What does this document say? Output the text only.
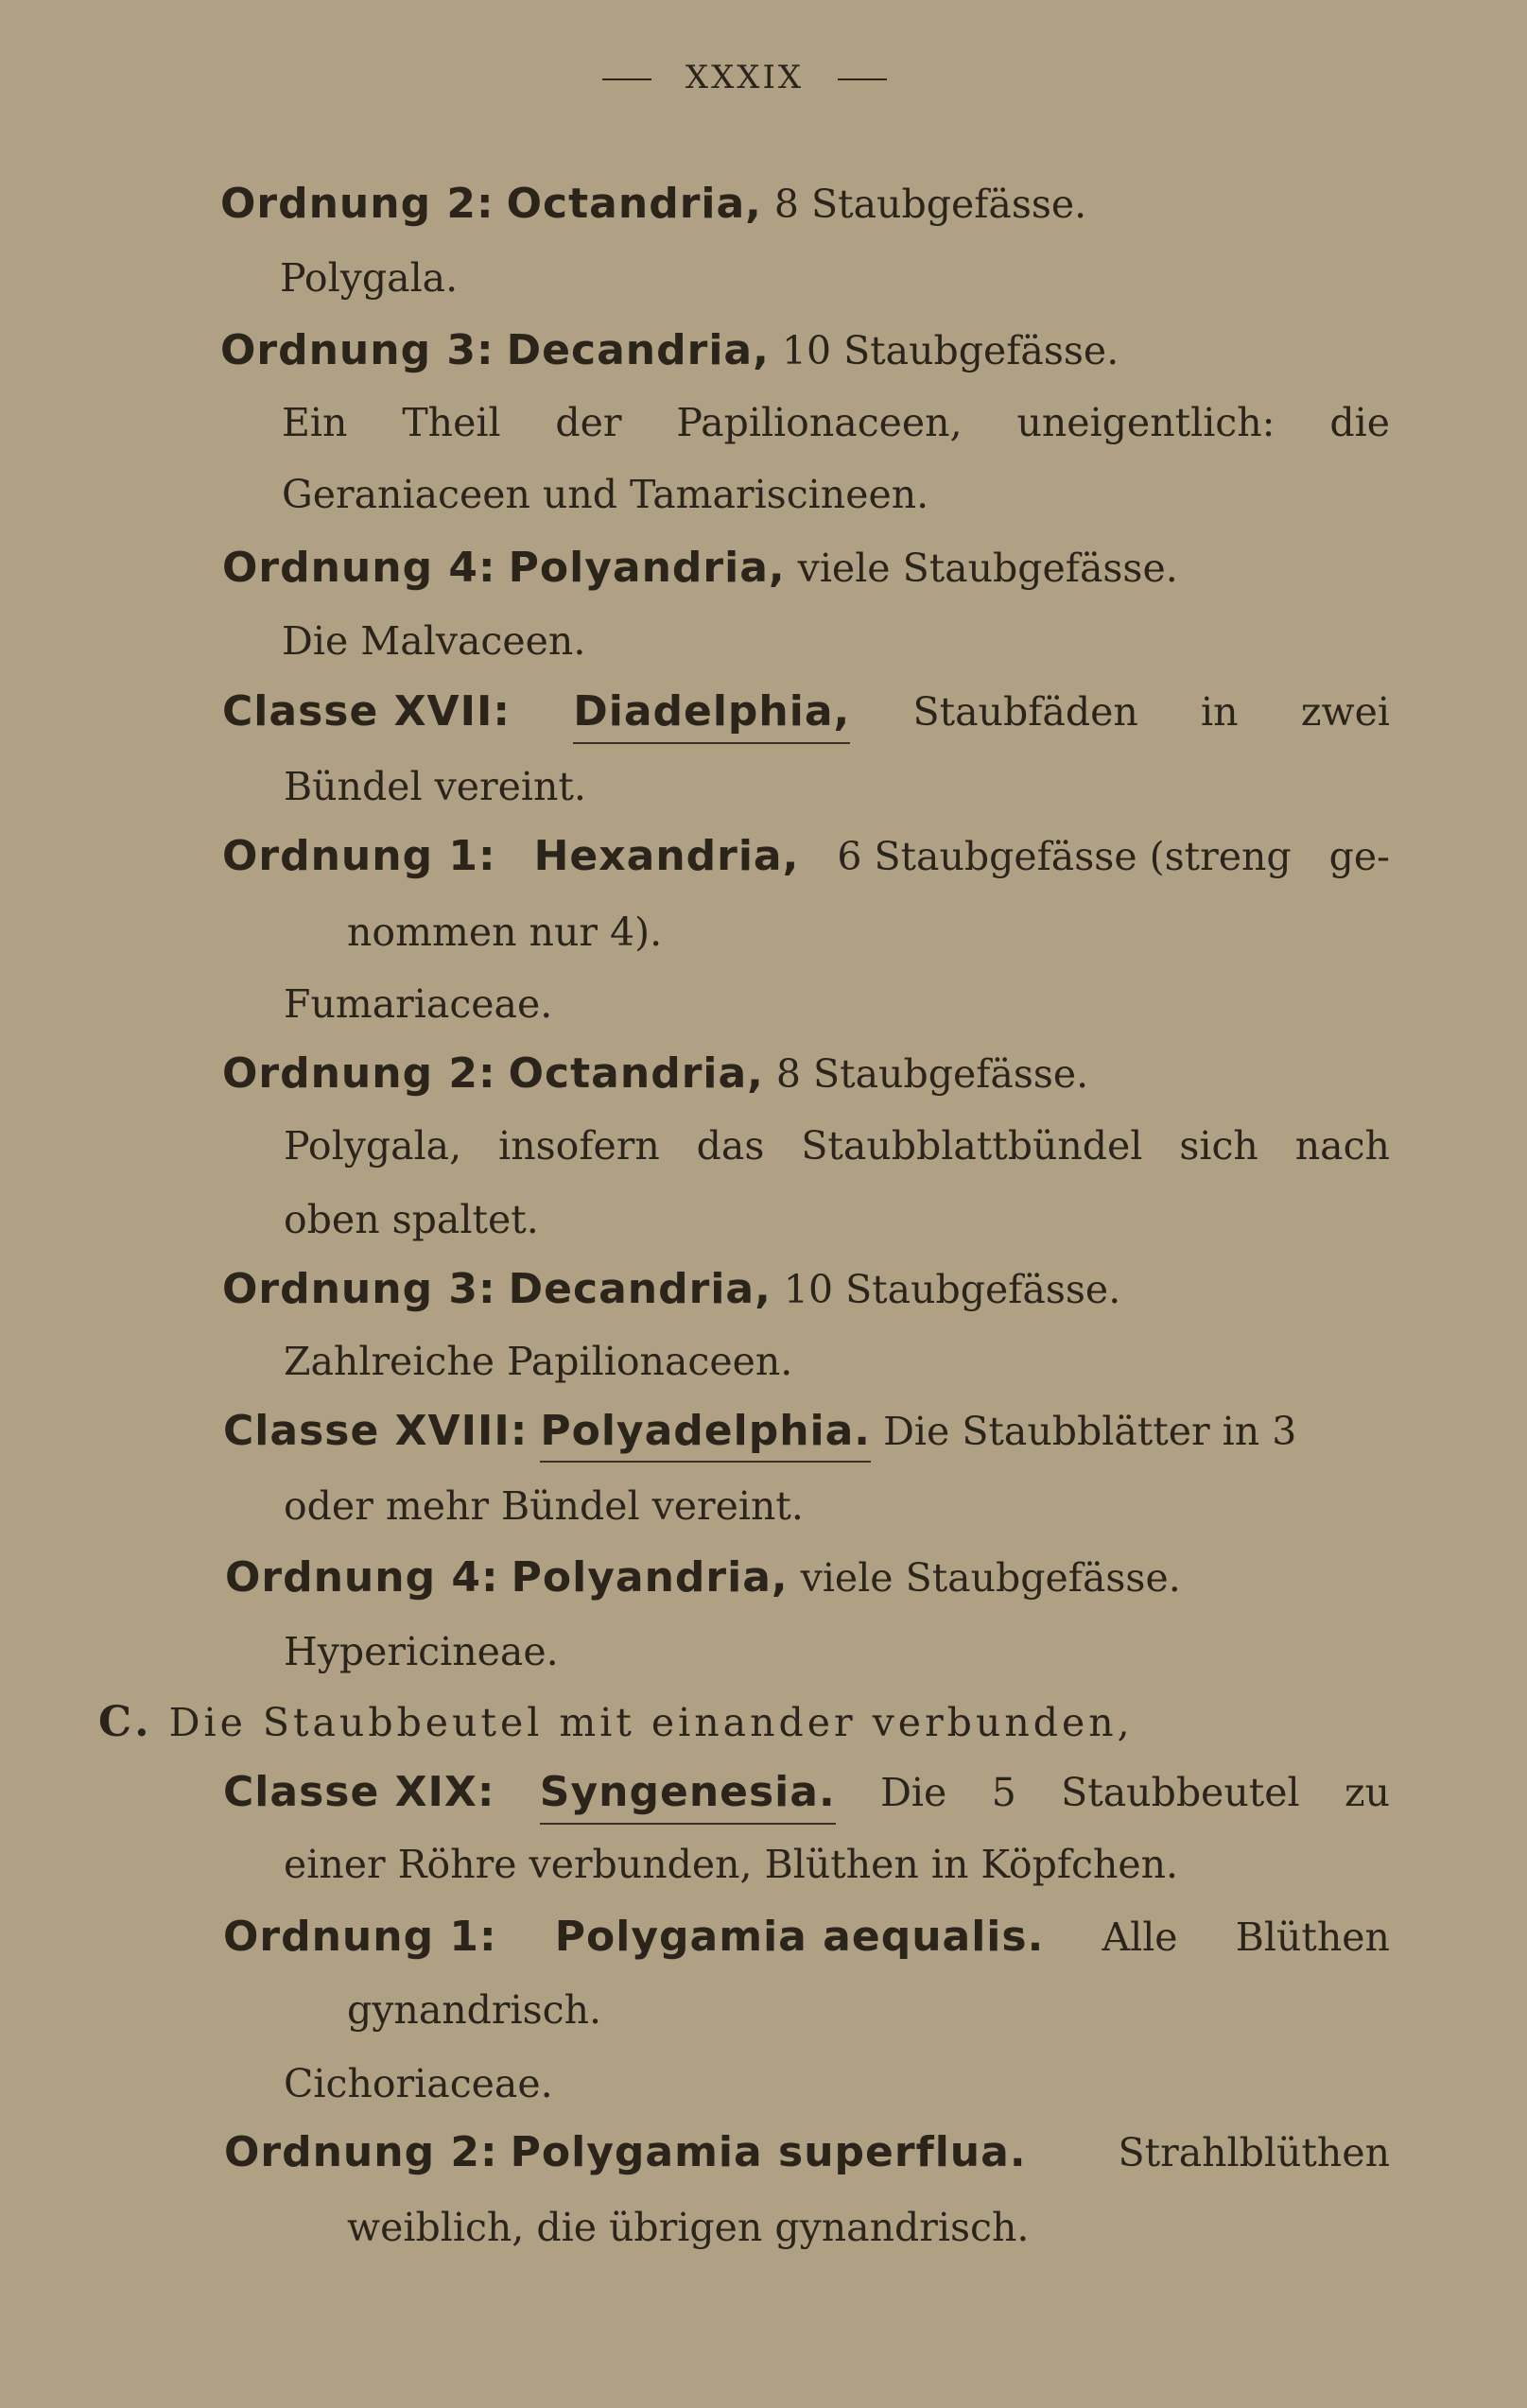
XXXIX
Ordnung 2: Octandria, 8 Staubgefässe.
Polygala.
Ordnung 3: Decandria, 10 Staubgefässe.
Ein Theil der Papilionaceen, uneigentlich: die
Geraniaceen und Tamariscineen.
Ordnung 4: Polyandria, viele Staubgefässe.
Die Malvaceen.
Classe XVII: Diadelphia, Staubfäden in zwei
Bündel vereint.
Ordnung 1: Hexandria, 6 Staubgefässe (streng ge-
nommen nur 4).
Fumariaceae.
Ordnung 2: Octandria, 8 Staubgefässe.
Polygala, insofern das Staubblattbündel sich nach
oben spaltet.
Ordnung 3: Decandria, 10 Staubgefässe.
Zahlreiche Papilionaceen.
Classe XVIII: Polyadelphia. Die Staubblätter in 3
oder mehr Bündel vereint.
Ordnung 4: Polyandria, viele Staubgefässe.
Hypericineae.
C. Die Staubbeutel mit einander verbunden,
Classe XIX: Syngenesia. Die 5 Staubbeutel zu
einer Röhre verbunden, Blüthen in Köpfchen.
Ordnung 1: Polygamia aequalis. Alle Blüthen
gynandrisch.
Cichoriaceae.
Ordnung 2: Polygamia superflua. Strahlblüthen
weiblich, die übrigen gynandrisch.
